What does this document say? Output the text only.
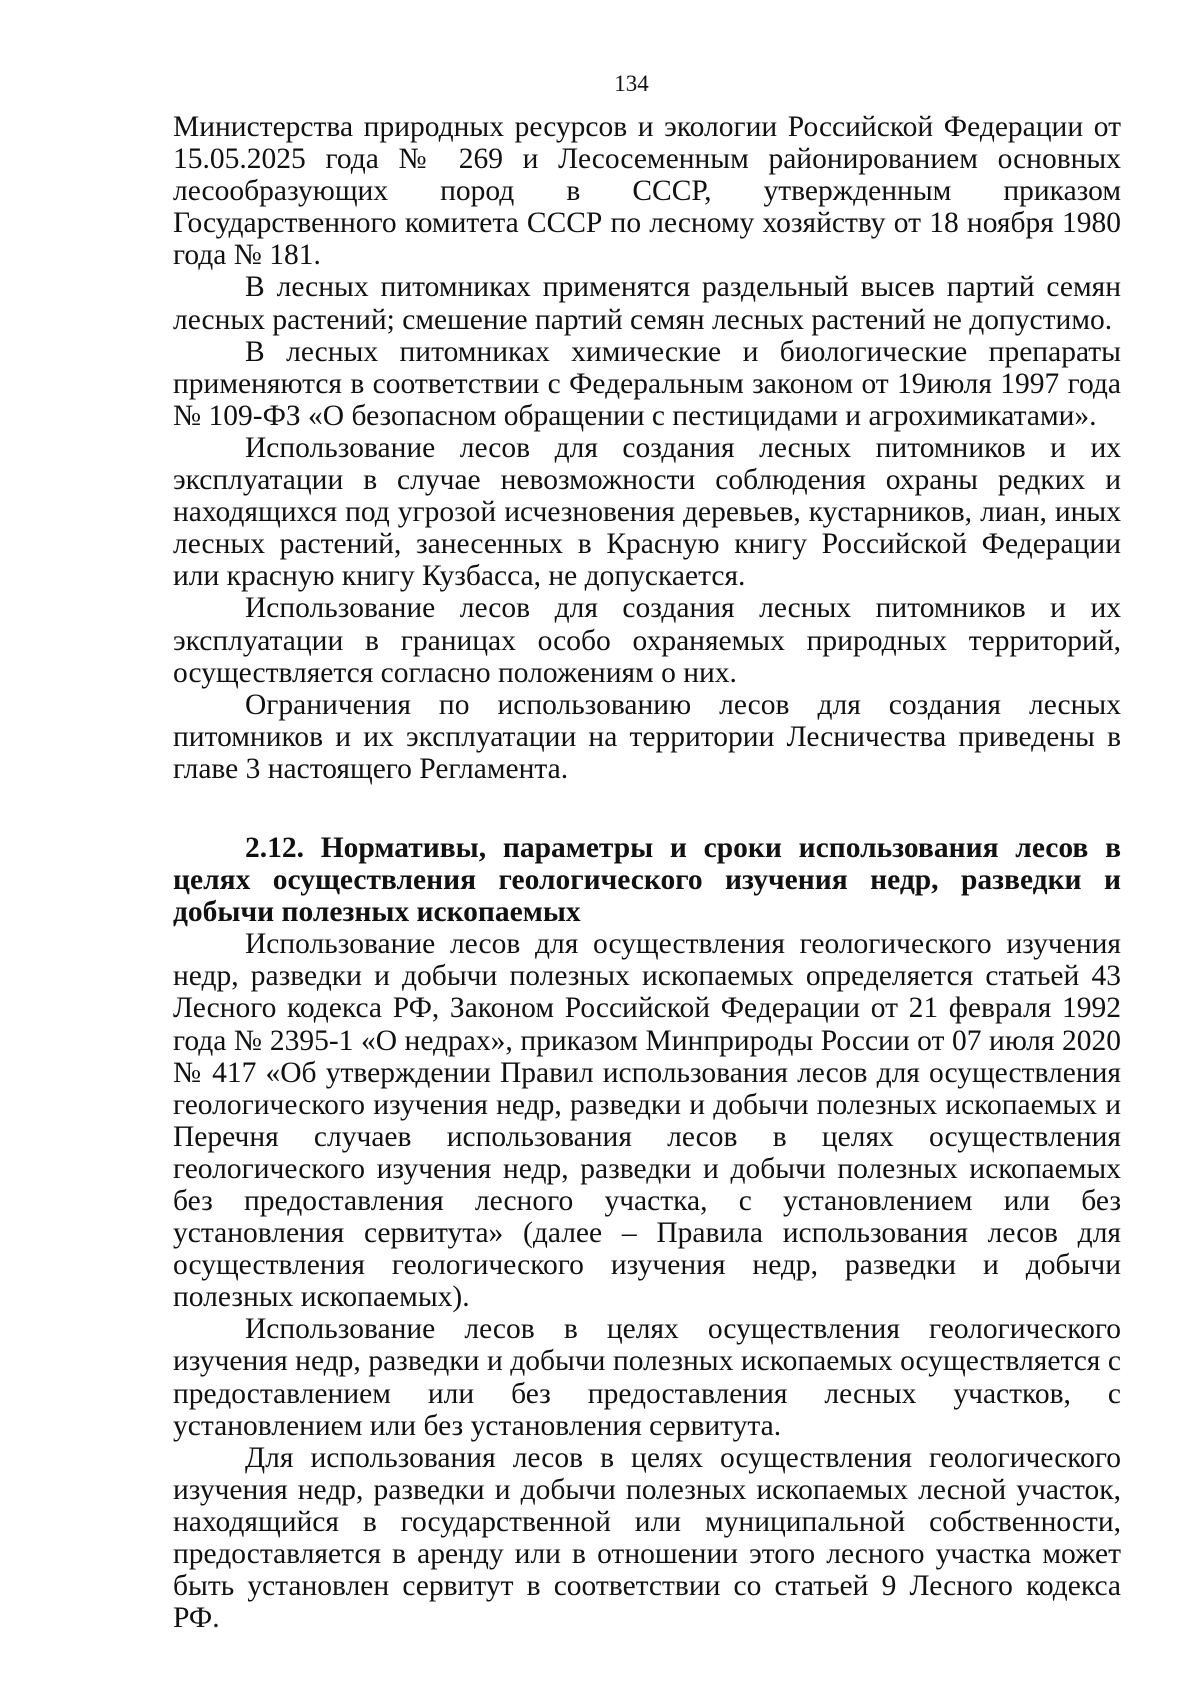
134

Министерства природных ресурсов и экологии Российской Федерации от 15.05.2025 года № 269 и Лесосеменным районированием основных лесообразующих пород в СССР, утвержденным приказом Государственного комитета СССР по лесному хозяйству от 18 ноября 1980 года № 181.

В лесных питомниках применятся раздельный высев партий семян лесных растений; смешение партий семян лесных растений не допустимо.

В лесных питомниках химические и биологические препараты применяются в соответствии с Федеральным законом от 19июля 1997 года № 109-ФЗ «О безопасном обращении с пестицидами и агрохимикатами».

Использование лесов для создания лесных питомников и их эксплуатации в случае невозможности соблюдения охраны редких и находящихся под угрозой исчезновения деревьев, кустарников, лиан, иных лесных растений, занесенных в Красную книгу Российской Федерации или красную книгу Кузбасса, не допускается.

Использование лесов для создания лесных питомников и их эксплуатации в границах особо охраняемых природных территорий, осуществляется согласно положениям о них.

Ограничения по использованию лесов для создания лесных питомников и их эксплуатации на территории Лесничества приведены в главе 3 настоящего Регламента.

2.12. Нормативы, параметры и сроки использования лесов в целях осуществления геологического изучения недр, разведки и добычи полезных ископаемых

Использование лесов для осуществления геологического изучения недр, разведки и добычи полезных ископаемых определяется статьей 43 Лесного кодекса РФ, Законом Российской Федерации от 21 февраля 1992 года № 2395-1 «О недрах», приказом Минприроды России от 07 июля 2020 № 417 «Об утверждении Правил использования лесов для осуществления геологического изучения недр, разведки и добычи полезных ископаемых и Перечня случаев использования лесов в целях осуществления геологического изучения недр, разведки и добычи полезных ископаемых без предоставления лесного участка, с установлением или без установления сервитута» (далее – Правила использования лесов для осуществления геологического изучения недр, разведки и добычи полезных ископаемых).

Использование лесов в целях осуществления геологического изучения недр, разведки и добычи полезных ископаемых осуществляется с предоставлением или без предоставления лесных участков, с установлением или без установления сервитута.

Для использования лесов в целях осуществления геологического изучения недр, разведки и добычи полезных ископаемых лесной участок, находящийся в государственной или муниципальной собственности, предоставляется в аренду или в отношении этого лесного участка может быть установлен сервитут в соответствии со статьей 9 Лесного кодекса РФ.
